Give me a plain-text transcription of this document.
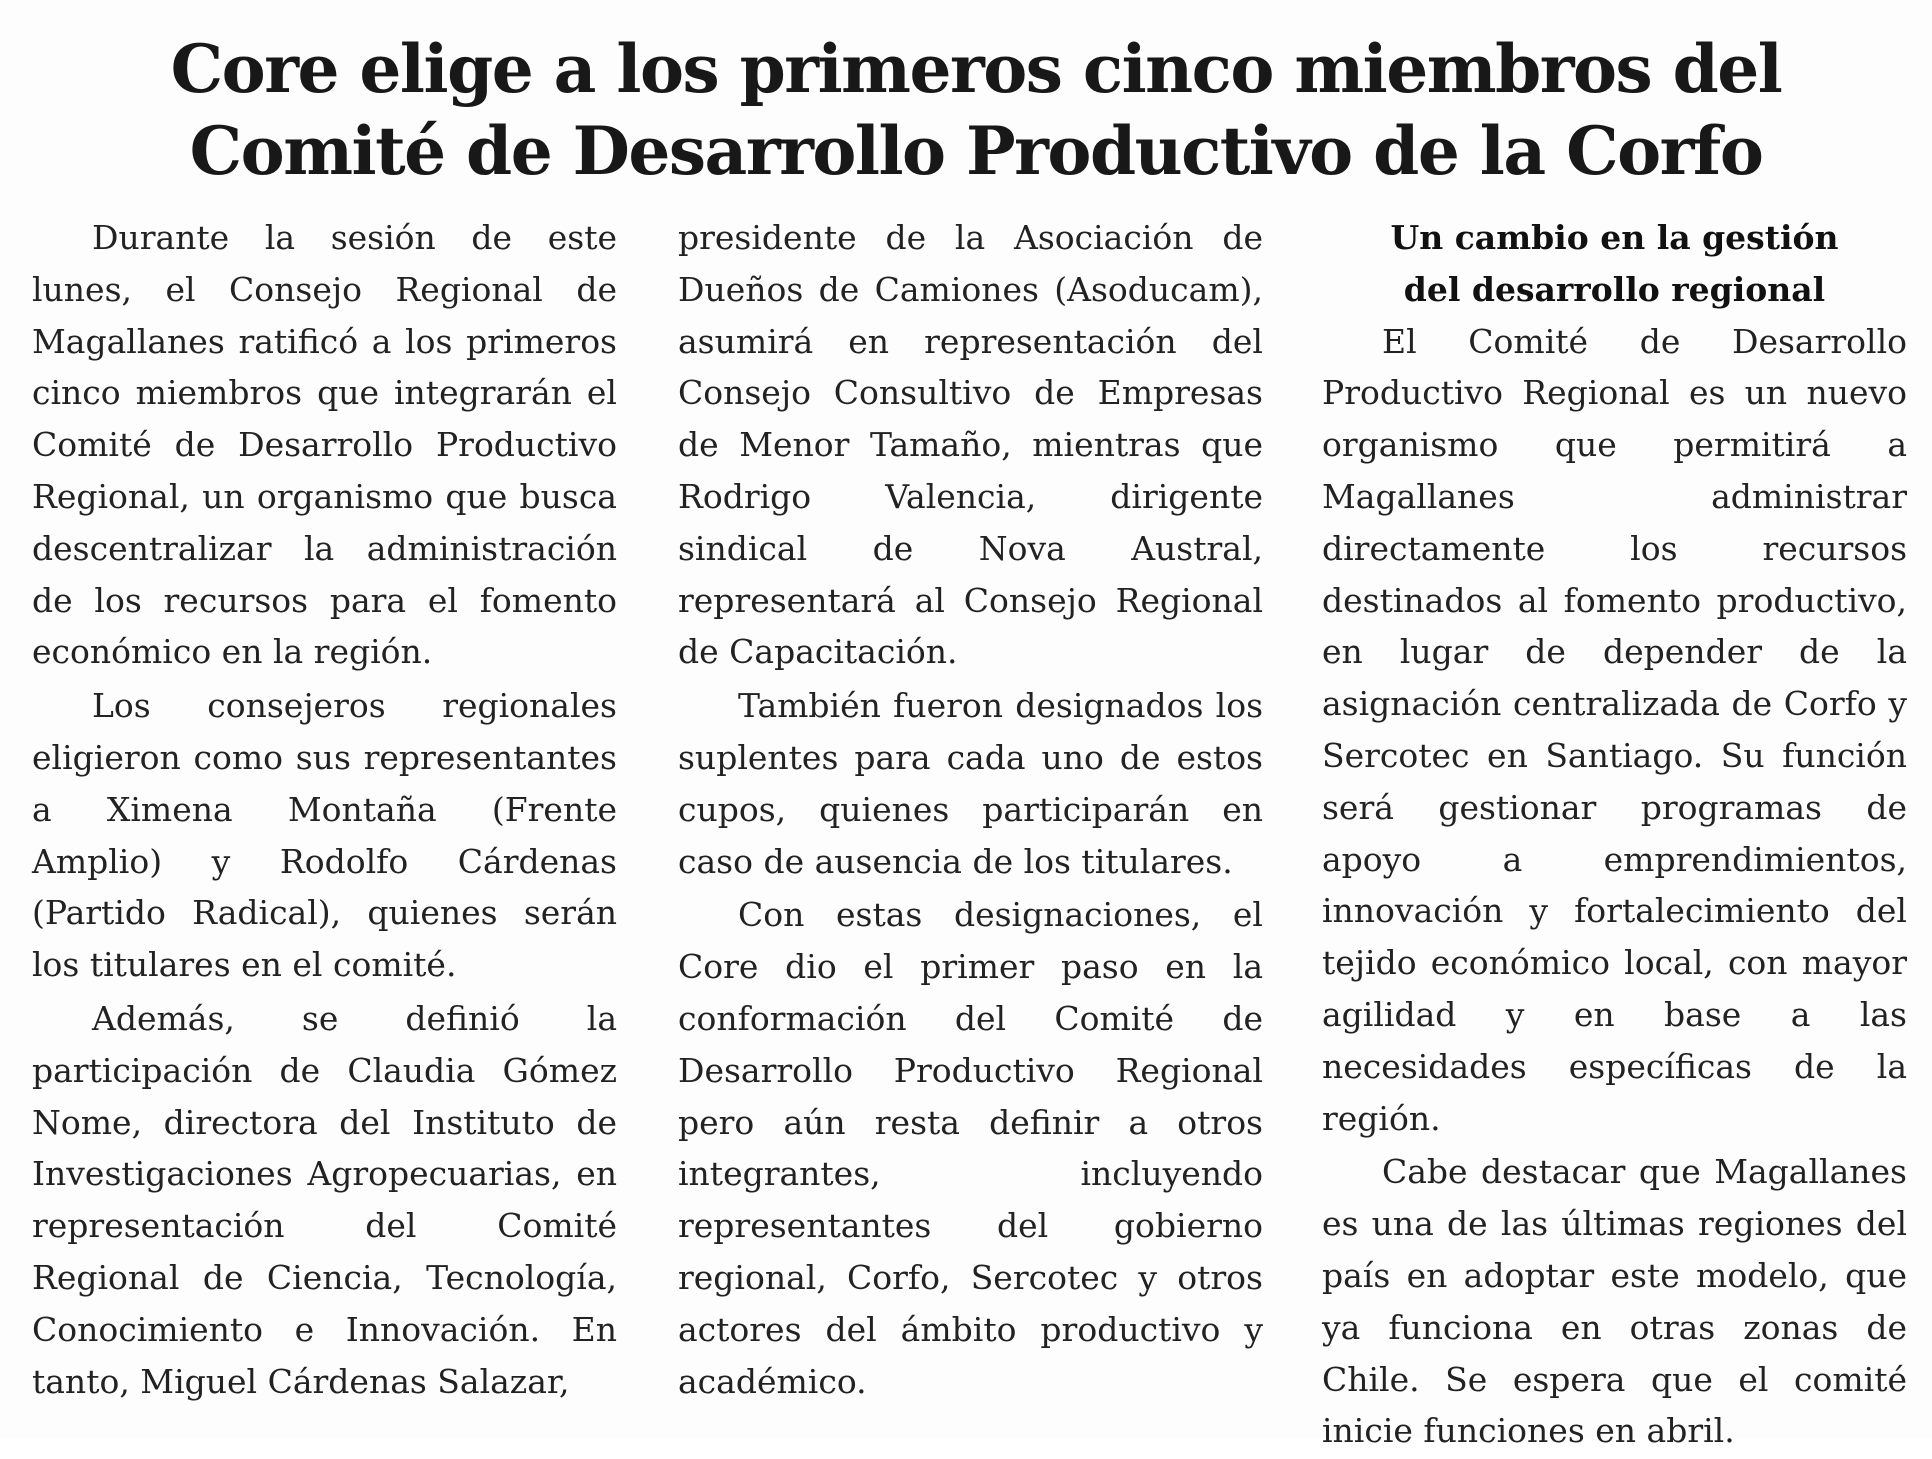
Core elige a los primeros cinco miembros del
Comité de Desarrollo Productivo de la Corfo

Durante la sesión de este lunes, el Consejo Regional de Magallanes ratificó a los primeros cinco miembros que integrarán el Comité de Desarrollo Productivo Regional, un organismo que busca descentralizar la administración de los recursos para el fomento económico en la región.

Los consejeros regionales eligieron como sus representantes a Ximena Montaña (Frente Amplio) y Rodolfo Cárdenas (Partido Radical), quienes serán los titulares en el comité.

Además, se definió la participación de Claudia Gómez Nome, directora del Instituto de Investigaciones Agropecuarias, en representación del Comité Regional de Ciencia, Tecnología, Conocimiento e Innovación. En tanto, Miguel Cárdenas Salazar,

presidente de la Asociación de Dueños de Camiones (Asoducam), asumirá en representación del Consejo Consultivo de Empresas de Menor Tamaño, mientras que Rodrigo Valencia, dirigente sindical de Nova Austral, representará al Consejo Regional de Capacitación.

También fueron designados los suplentes para cada uno de estos cupos, quienes participarán en caso de ausencia de los titulares.

Con estas designaciones, el Core dio el primer paso en la conformación del Comité de Desarrollo Productivo Regional pero aún resta definir a otros integrantes, incluyendo representantes del gobierno regional, Corfo, Sercotec y otros actores del ámbito productivo y académico.

Un cambio en la gestión
del desarrollo regional

El Comité de Desarrollo Productivo Regional es un nuevo organismo que permitirá a Magallanes administrar directamente los recursos destinados al fomento productivo, en lugar de depender de la asignación centralizada de Corfo y Sercotec en Santiago. Su función será gestionar programas de apoyo a emprendimientos, innovación y fortalecimiento del tejido económico local, con mayor agilidad y en base a las necesidades específicas de la región.

Cabe destacar que Magallanes es una de las últimas regiones del país en adoptar este modelo, que ya funciona en otras zonas de Chile. Se espera que el comité inicie funciones en abril.
